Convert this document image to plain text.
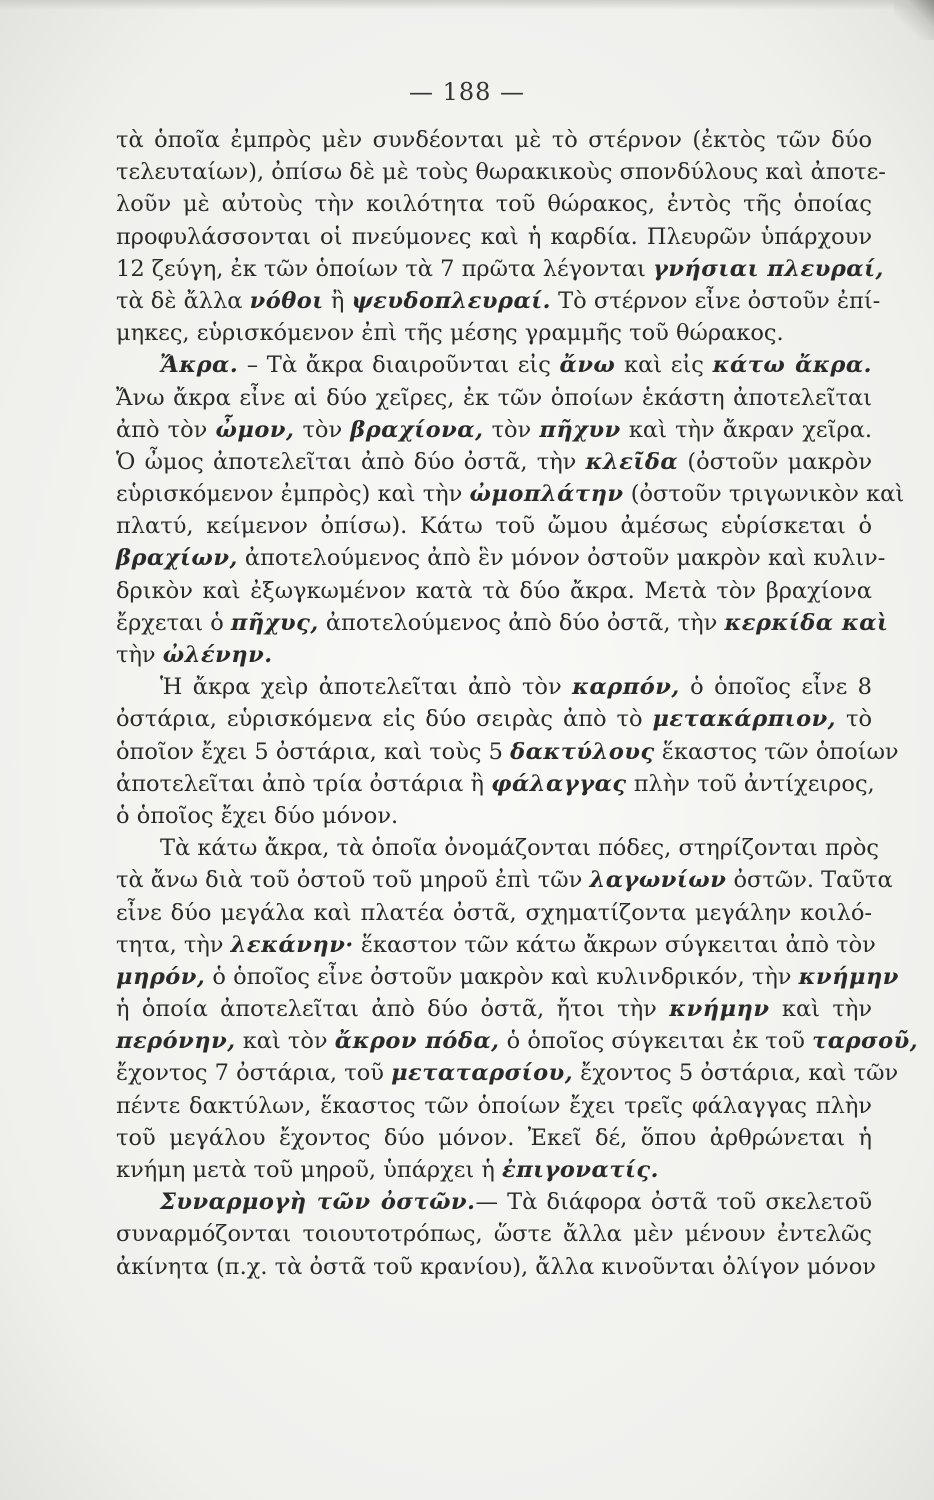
— 188 —
τὰ ὁποῖα ἐμπρὸς μὲν συνδέονται μὲ τὸ στέρνον (ἐκτὸς τῶν δύο
τελευταίων), ὀπίσω δὲ μὲ τοὺς θωρακικοὺς σπονδύλους καὶ ἀποτε-
λοῦν μὲ αὐτοὺς τὴν κοιλότητα τοῦ θώρακος, ἐντὸς τῆς ὁποίας
προφυλάσσονται οἱ πνεύμονες καὶ ἡ καρδία. Πλευρῶν ὑπάρχουν
12 ζεύγη, ἐκ τῶν ὁποίων τὰ 7 πρῶτα λέγονται γνήσιαι πλευραί,
τὰ δὲ ἄλλα νόθοι ἢ ψευδοπλευραί. Τὸ στέρνον εἶνε ὀστοῦν ἐπί-
μηκες, εὑρισκόμενον ἐπὶ τῆς μέσης γραμμῆς τοῦ θώρακος.
Ἄκρα. – Τὰ ἄκρα διαιροῦνται εἰς ἄνω καὶ εἰς κάτω ἄκρα.
Ἄνω ἄκρα εἶνε αἱ δύο χεῖρες, ἐκ τῶν ὁποίων ἑκάστη ἀποτελεῖται
ἀπὸ τὸν ὦμον, τὸν βραχίονα, τὸν πῆχυν καὶ τὴν ἄκραν χεῖρα.
Ὁ ὦμος ἀποτελεῖται ἀπὸ δύο ὀστᾶ, τὴν κλεῖδα (ὀστοῦν μακρὸν
εὑρισκόμενον ἐμπρὸς) καὶ τὴν ὠμοπλάτην (ὀστοῦν τριγωνικὸν καὶ
πλατύ, κείμενον ὀπίσω). Κάτω τοῦ ὤμου ἀμέσως εὑρίσκεται ὁ
βραχίων, ἀποτελούμενος ἀπὸ ἓν μόνον ὀστοῦν μακρὸν καὶ κυλιν-
δρικὸν καὶ ἐξωγκωμένον κατὰ τὰ δύο ἄκρα. Μετὰ τὸν βραχίονα
ἔρχεται ὁ πῆχυς, ἀποτελούμενος ἀπὸ δύο ὀστᾶ, τὴν κερκίδα καὶ
τὴν ὠλένην.
Ἡ ἄκρα χεὶρ ἀποτελεῖται ἀπὸ τὸν καρπόν, ὁ ὁποῖος εἶνε 8
ὀστάρια, εὑρισκόμενα εἰς δύο σειρὰς ἀπὸ τὸ μετακάρπιον, τὸ
ὁποῖον ἔχει 5 ὀστάρια, καὶ τοὺς 5 δακτύλους ἕκαστος τῶν ὁποίων
ἀποτελεῖται ἀπὸ τρία ὀστάρια ἢ φάλαγγας πλὴν τοῦ ἀντίχειρος,
ὁ ὁποῖος ἔχει δύο μόνον.
Τὰ κάτω ἄκρα, τὰ ὁποῖα ὀνομάζονται πόδες, στηρίζονται πρὸς
τὰ ἄνω διὰ τοῦ ὀστοῦ τοῦ μηροῦ ἐπὶ τῶν λαγωνίων ὀστῶν. Ταῦτα
εἶνε δύο μεγάλα καὶ πλατέα ὀστᾶ, σχηματίζοντα μεγάλην κοιλό-
τητα, τὴν λεκάνην· ἕκαστον τῶν κάτω ἄκρων σύγκειται ἀπὸ τὸν
μηρόν, ὁ ὁποῖος εἶνε ὀστοῦν μακρὸν καὶ κυλινδρικόν, τὴν κνήμην
ἡ ὁποία ἀποτελεῖται ἀπὸ δύο ὀστᾶ, ἤτοι τὴν κνήμην καὶ τὴν
περόνην, καὶ τὸν ἄκρον πόδα, ὁ ὁποῖος σύγκειται ἐκ τοῦ ταρσοῦ,
ἔχοντος 7 ὀστάρια, τοῦ μεταταρσίου, ἔχοντος 5 ὀστάρια, καὶ τῶν
πέντε δακτύλων, ἕκαστος τῶν ὁποίων ἔχει τρεῖς φάλαγγας πλὴν
τοῦ μεγάλου ἔχοντος δύο μόνον. Ἐκεῖ δέ, ὅπου ἀρθρώνεται ἡ
κνήμη μετὰ τοῦ μηροῦ, ὑπάρχει ἡ ἐπιγονατίς.
Συναρμογὴ τῶν ὀστῶν.— Τὰ διάφορα ὀστᾶ τοῦ σκελετοῦ
συναρμόζονται τοιουτοτρόπως, ὥστε ἄλλα μὲν μένουν ἐντελῶς
ἀκίνητα (π.χ. τὰ ὀστᾶ τοῦ κρανίου), ἄλλα κινοῦνται ὀλίγον μόνον
